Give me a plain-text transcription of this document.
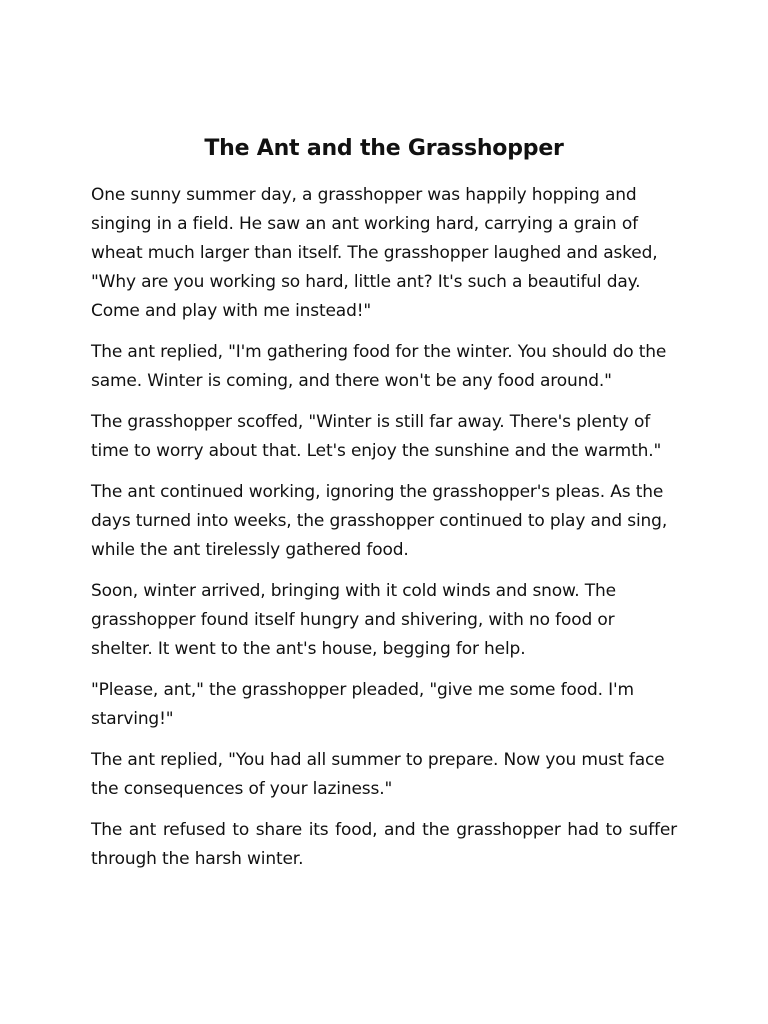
The Ant and the Grasshopper

One sunny summer day, a grasshopper was happily hopping and singing in a field. He saw an ant working hard, carrying a grain of wheat much larger than itself. The grasshopper laughed and asked, "Why are you working so hard, little ant? It's such a beautiful day. Come and play with me instead!"

The ant replied, "I'm gathering food for the winter. You should do the same. Winter is coming, and there won't be any food around."

The grasshopper scoffed, "Winter is still far away. There's plenty of time to worry about that. Let's enjoy the sunshine and the warmth."

The ant continued working, ignoring the grasshopper's pleas. As the days turned into weeks, the grasshopper continued to play and sing, while the ant tirelessly gathered food.

Soon, winter arrived, bringing with it cold winds and snow. The grasshopper found itself hungry and shivering, with no food or shelter. It went to the ant's house, begging for help.

"Please, ant," the grasshopper pleaded, "give me some food. I'm starving!"

The ant replied, "You had all summer to prepare. Now you must face the consequences of your laziness."

The ant refused to share its food, and the grasshopper had to suffer through the harsh winter.
